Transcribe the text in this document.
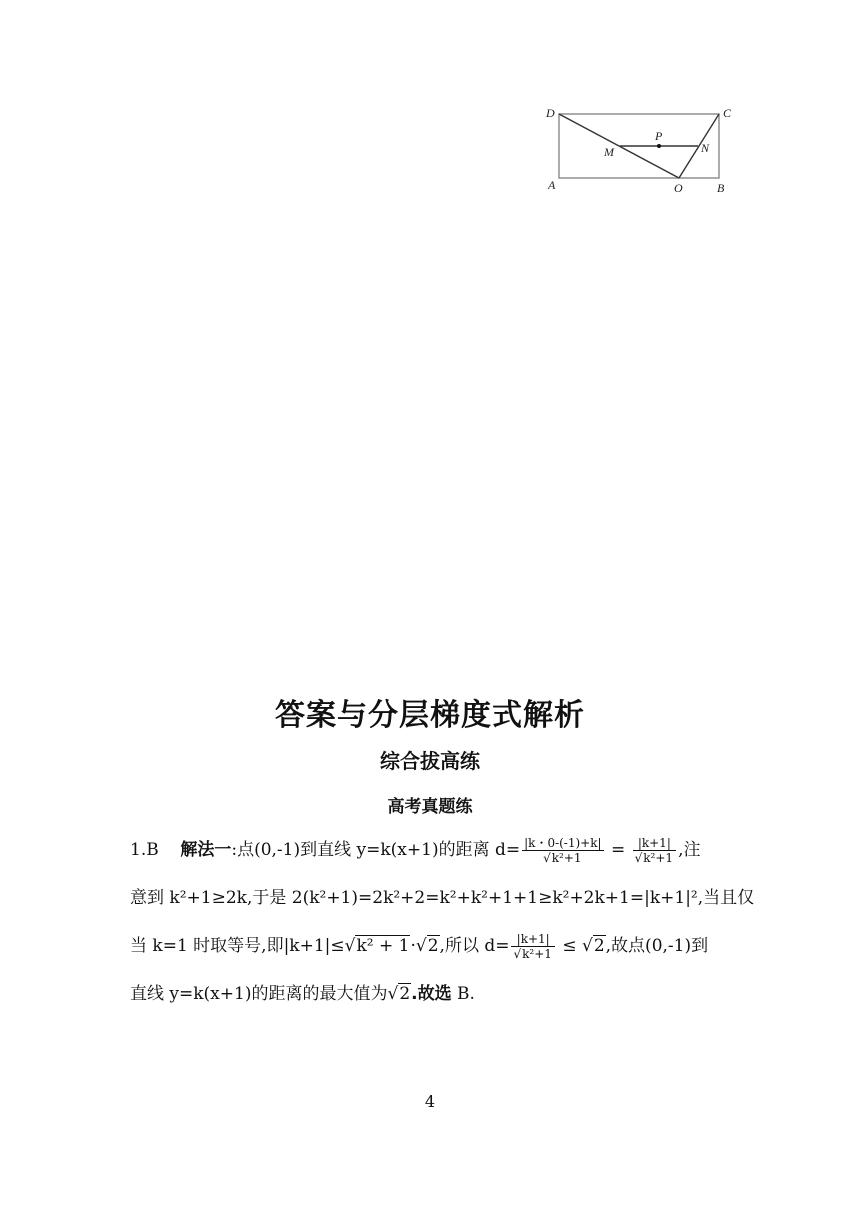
D	C
P
M	N
A	O	B
答案与分层梯度式解析
综合拔高练
高考真题练
1.B 解法一:点(0,-1)到直线 y=k(x+1)的距离 $d= \frac{|k・0-(-1)+k|}{\text{√k²+1}} = \frac{|k+1|}{\text{√k²+1}}$ ,注
意到 k²+1≥2k,于是 2(k²+1)=2k²+2=k²+k²+1+1≥k²+2k+1=|k+1|²,当且仅
当 k=1 时取等号,即|k+1|≤√k² + 1·√2,所以 $d= \frac{|k+1|}{\text{√k²+1}} \le √2$,故点(0,-1)到
直线 y=k(x+1)的距离的最大值为√2.故选 B.
4
